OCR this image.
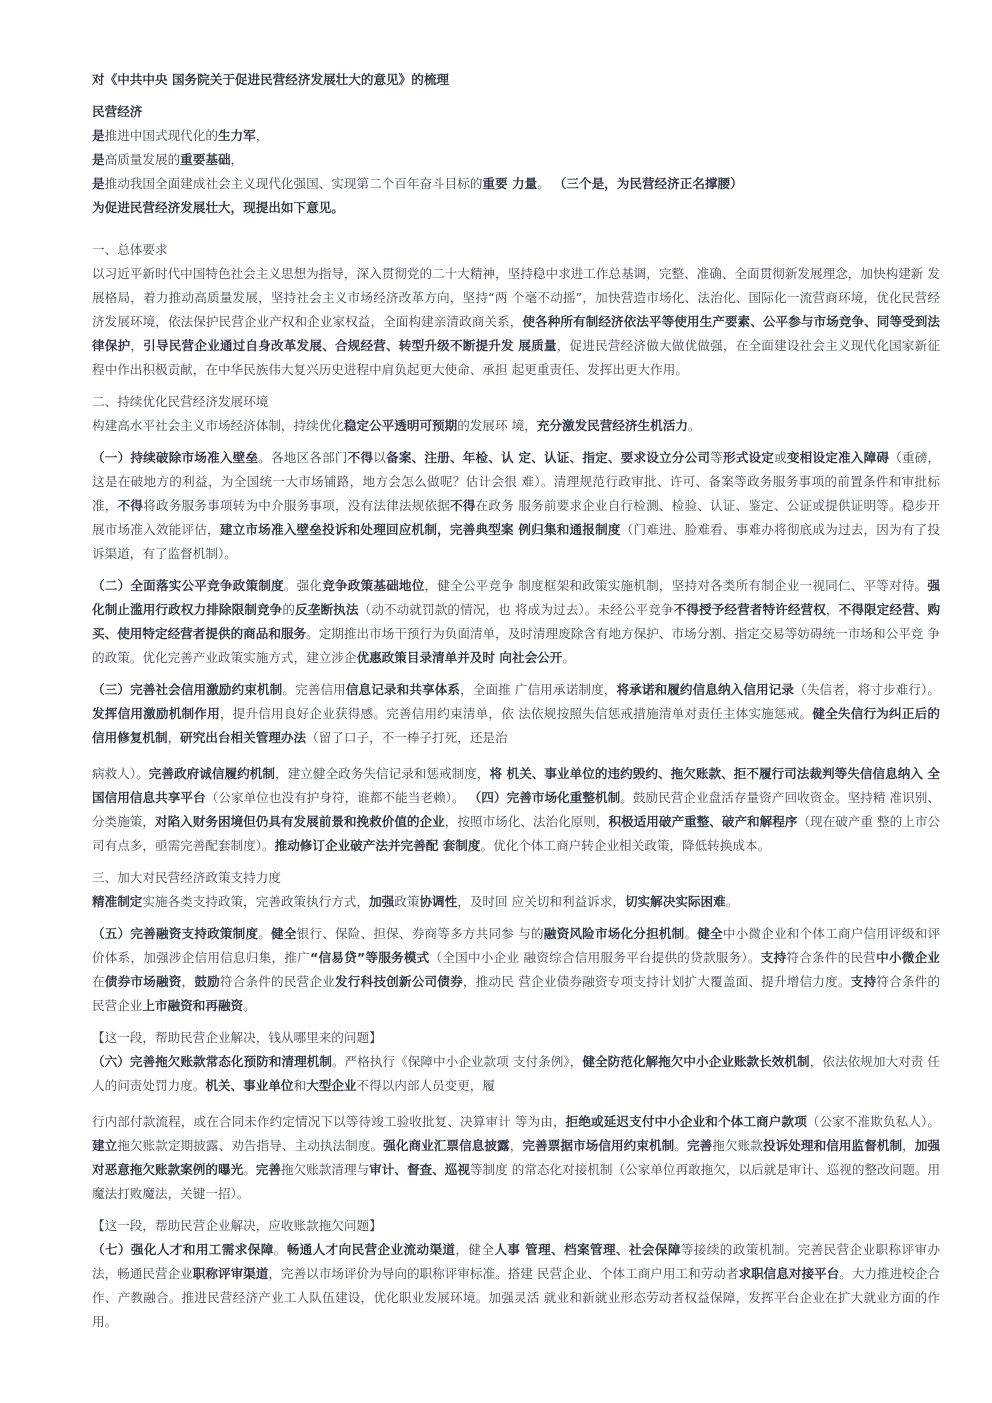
对《中共中央 国务院关于促进民营经济发展壮大的意见》的梳理

民营经济

是推进中国式现代化的生力军，

是高质量发展的重要基础，

是推动我国全面建成社会主义现代化强国、实现第二个百年奋斗目标的重要 力量。 （三个是，为民营经济正名撑腰）

为促进民营经济发展壮大，现提出如下意见。

一、总体要求

以习近平新时代中国特色社会主义思想为指导，深入贯彻党的二十大精神，坚持稳中求进工作总基调，完整、准确、全面贯彻新发展理念，加快构建新 发展格局，着力推动高质量发展，坚持社会主义市场经济改革方向，坚持“两 个毫不动摇”，加快营造市场化、法治化、国际化一流营商环境，优化民营经 济发展环境，依法保护民营企业产权和企业家权益，全面构建亲清政商关系，使各种所有制经济依法平等使用生产要素、公平参与市场竞争、同等受到法 律保护，引导民营企业通过自身改革发展、合规经营、转型升级不断提升发 展质量，促进民营经济做大做优做强，在全面建设社会主义现代化国家新征 程中作出积极贡献，在中华民族伟大复兴历史进程中肩负起更大使命、承担 起更重责任、发挥出更大作用。

二、持续优化民营经济发展环境

构建高水平社会主义市场经济体制，持续优化稳定公平透明可预期的发展环 境，充分激发民营经济生机活力。

（一）持续破除市场准入壁垒。各地区各部门不得以备案、注册、年检、认 定、认证、指定、要求设立分公司等形式设定或变相设定准入障碍（重磅，这是在破地方的利益，为全国统一大市场铺路，地方会怎么做呢？估计会很 难）。清理规范行政审批、许可、备案等政务服务事项的前置条件和审批标 准，不得将政务服务事项转为中介服务事项，没有法律法规依据不得在政务 服务前要求企业自行检测、检验、认证、鉴定、公证或提供证明等。稳步开 展市场准入效能评估，建立市场准入壁垒投诉和处理回应机制，完善典型案 例归集和通报制度（门难进、脸难看、事难办将彻底成为过去，因为有了投 诉渠道，有了监督机制）。

（二）全面落实公平竞争政策制度。强化竞争政策基础地位，健全公平竞争 制度框架和政策实施机制，坚持对各类所有制企业一视同仁、平等对待。强 化制止滥用行政权力排除限制竞争的反垄断执法（动不动就罚款的情况，也 将成为过去）。未经公平竞争不得授予经营者特许经营权，不得限定经营、购买、使用特定经营者提供的商品和服务。定期推出市场干预行为负面清单，及时清理废除含有地方保护、市场分割、指定交易等妨碍统一市场和公平竞 争的政策。优化完善产业政策实施方式，建立涉企优惠政策目录清单并及时 向社会公开。

（三）完善社会信用激励约束机制。完善信用信息记录和共享体系，全面推 广信用承诺制度，将承诺和履约信息纳入信用记录（失信者，将寸步难行）。发挥信用激励机制作用，提升信用良好企业获得感。完善信用约束清单，依 法依规按照失信惩戒措施清单对责任主体实施惩戒。健全失信行为纠正后的 信用修复机制，研究出台相关管理办法（留了口子，不一棒子打死，还是治

病救人）。完善政府诚信履约机制，建立健全政务失信记录和惩戒制度，将 机关、事业单位的违约毁约、拖欠账款、拒不履行司法裁判等失信信息纳入 全国信用信息共享平台（公家单位也没有护身符，谁都不能当老赖）。 （四）完善市场化重整机制。鼓励民营企业盘活存量资产回收资金。坚持精 准识别、分类施策，对陷入财务困境但仍具有发展前景和挽救价值的企业，按照市场化、法治化原则，积极适用破产重整、破产和解程序（现在破产重 整的上市公司有点多，亟需完善配套制度）。推动修订企业破产法并完善配 套制度。优化个体工商户转企业相关政策，降低转换成本。

三、加大对民营经济政策支持力度

精准制定实施各类支持政策，完善政策执行方式，加强政策协调性，及时回 应关切和利益诉求，切实解决实际困难。

（五）完善融资支持政策制度。健全银行、保险、担保、券商等多方共同参 与的融资风险市场化分担机制。健全中小微企业和个体工商户信用评级和评 价体系，加强涉企信用信息归集，推广“信易贷”等服务模式（全国中小企业 融资综合信用服务平台提供的贷款服务）。支持符合条件的民营中小微企业 在债券市场融资，鼓励符合条件的民营企业发行科技创新公司债券，推动民 营企业债券融资专项支持计划扩大覆盖面、提升增信力度。支持符合条件的 民营企业上市融资和再融资。

【这一段，帮助民营企业解决，钱从哪里来的问题】

（六）完善拖欠账款常态化预防和清理机制。严格执行《保障中小企业款项 支付条例》，健全防范化解拖欠中小企业账款长效机制，依法依规加大对责 任人的问责处罚力度。机关、事业单位和大型企业不得以内部人员变更，履

行内部付款流程，或在合同未作约定情况下以等待竣工验收批复、决算审计 等为由，拒绝或延迟支付中小企业和个体工商户款项（公家不准欺负私人）。 建立拖欠账款定期披露、劝告指导、主动执法制度。强化商业汇票信息披露，完善票据市场信用约束机制。完善拖欠账款投诉处理和信用监督机制，加强 对恶意拖欠账款案例的曝光。完善拖欠账款清理与审计、督查、巡视等制度 的常态化对接机制（公家单位再敢拖欠，以后就是审计、巡视的整改问题。用魔法打败魔法，关键一招）。

【这一段，帮助民营企业解决，应收账款拖欠问题】

（七）强化人才和用工需求保障。畅通人才向民营企业流动渠道，健全人事 管理、档案管理、社会保障等接续的政策机制。完善民营企业职称评审办法，畅通民营企业职称评审渠道，完善以市场评价为导向的职称评审标准。搭建 民营企业、个体工商户用工和劳动者求职信息对接平台。大力推进校企合作、产教融合。推进民营经济产业工人队伍建设，优化职业发展环境。加强灵活 就业和新就业形态劳动者权益保障，发挥平台企业在扩大就业方面的作用。
